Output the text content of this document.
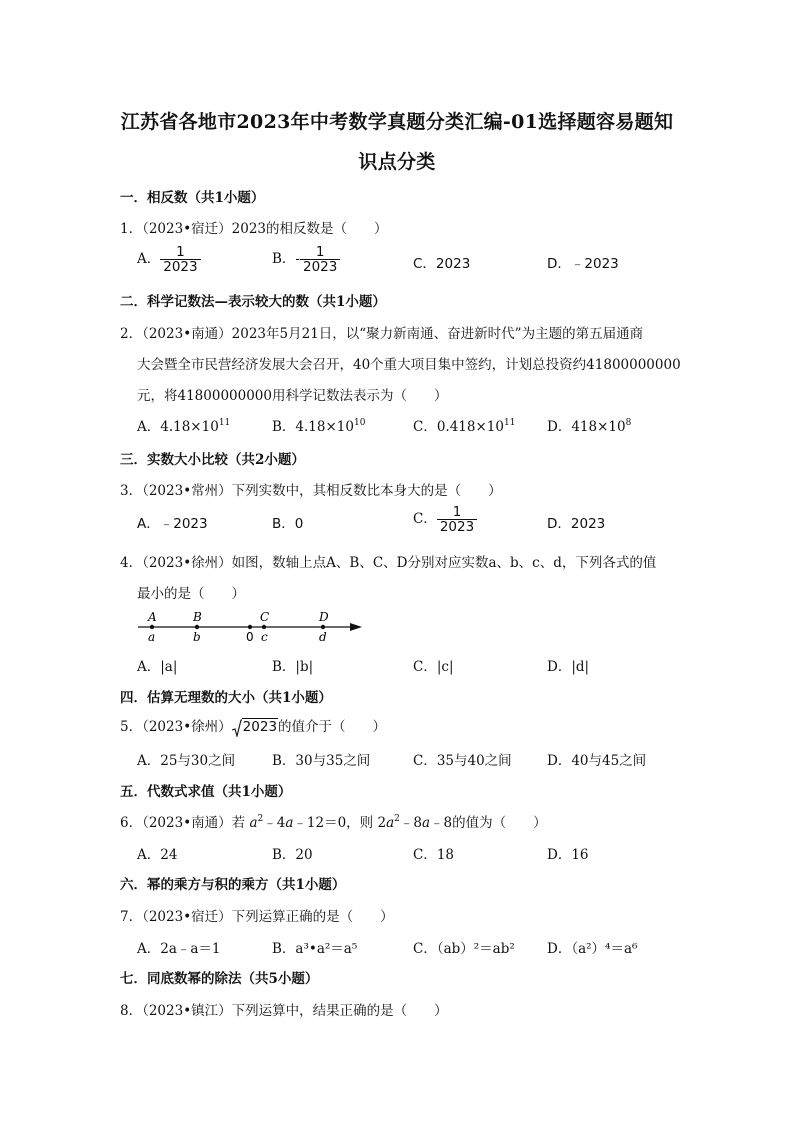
江苏省各地市2023年中考数学真题分类汇编-01选择题容易题知
识点分类
一．相反数（共1小题）
1．（2023•宿迁）2023的相反数是（　　）
A． $\frac{1}{2023}$	B．- $\frac{1}{2023}$	C．2023	D．﹣2023
二．科学记数法—表示较大的数（共1小题）
2．（2023•南通）2023年5月21日，以“聚力新南通、奋进新时代”为主题的第五届通商
大会暨全市民营经济发展大会召开，40个重大项目集中签约，计划总投资约41800000000
元，将41800000000用科学记数法表示为（　　）
A．$4.18\times 10^{11}$	B．$4.18\times 10^{10}$	C．$0.418\times 10^{11}$ D．$418\times 10^8$
三．实数大小比较（共2小题）
3．（2023•常州）下列实数中，其相反数比本身大的是（　　）
A．﹣2023	B．0	C． $\frac{1}{2023}$	D．2023
4．（2023•徐州）如图，数轴上点A、B、C、D分别对应实数a、b、c、d，下列各式的值
最小的是（　　）
A	B	C	D
a	b	0 c	d
A．|a|	B．|b|	C．|c|	D．|d|
四．估算无理数的大小（共1小题）
5．（2023•徐州） 2023的值介于（　　）
A．25与30之间	B．30与35之间	C．35与40之间	D．40与45之间
五．代数式求值（共1小题）
6．（2023•南通）若 $a^2﹣4a﹣12=0$，则 $2a^2﹣8a﹣8$的值为（　　）
A．24	B．20	C．18	D．16
六．幂的乘方与积的乘方（共1小题）
7．（2023•宿迁）下列运算正确的是（　　）
A．2a﹣a＝1	B．a³•a²＝a⁵	C．（ab）²＝ab² D．（a²）⁴＝a⁶
七．同底数幂的除法（共5小题）
8．（2023•镇江）下列运算中，结果正确的是（　　）
